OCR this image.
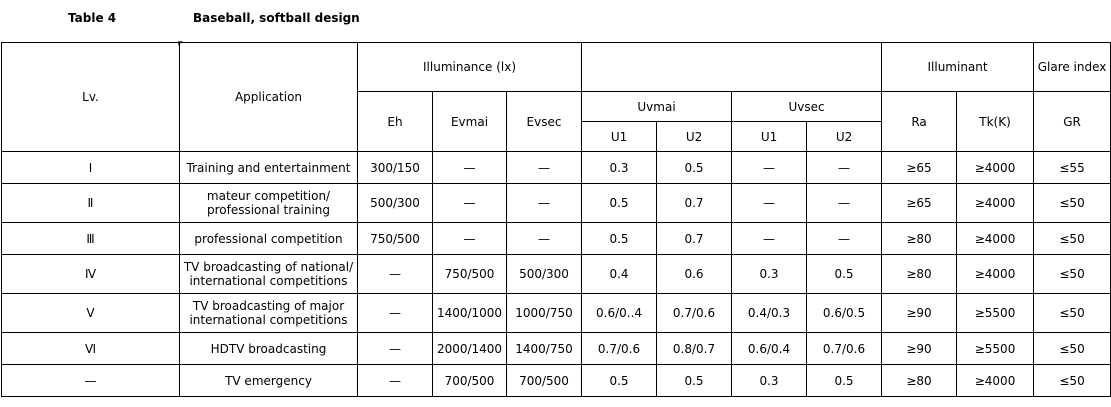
Table 4	Baseball, softball design
Lv.	Application	Illuminance (lx)							Illuminant		Glare index
		Eh	Evmai	Evsec	Uvmai		Uvsec		Ra	Tk(K)	GR
					U1	U2	U1	U2			
Ⅰ	Training and entertainment	300/150	—	—	0.3	0.5	—	—	≥65	≥4000	≤55
Ⅱ	mateur competition/ professional training	500/300	—	—	0.5	0.7	—	—	≥65	≥4000	≤50
Ⅲ	professional competition	750/500	—	—	0.5	0.7	—	—	≥80	≥4000	≤50
Ⅳ	TV broadcasting of national/ international competitions	—	750/500	500/300	0.4	0.6	0.3	0.5	≥80	≥4000	≤50
Ⅴ	TV broadcasting of major international competitions	—	1400/1000	1000/750	0.6/0..4	0.7/0.6	0.4/0.3	0.6/0.5	≥90	≥5500	≤50
Ⅵ	HDTV broadcasting	—	2000/1400	1400/750	0.7/0.6	0.8/0.7	0.6/0.4	0.7/0.6	≥90	≥5500	≤50
—	TV emergency	—	700/500	700/500	0.5	0.5	0.3	0.5	≥80	≥4000	≤50
